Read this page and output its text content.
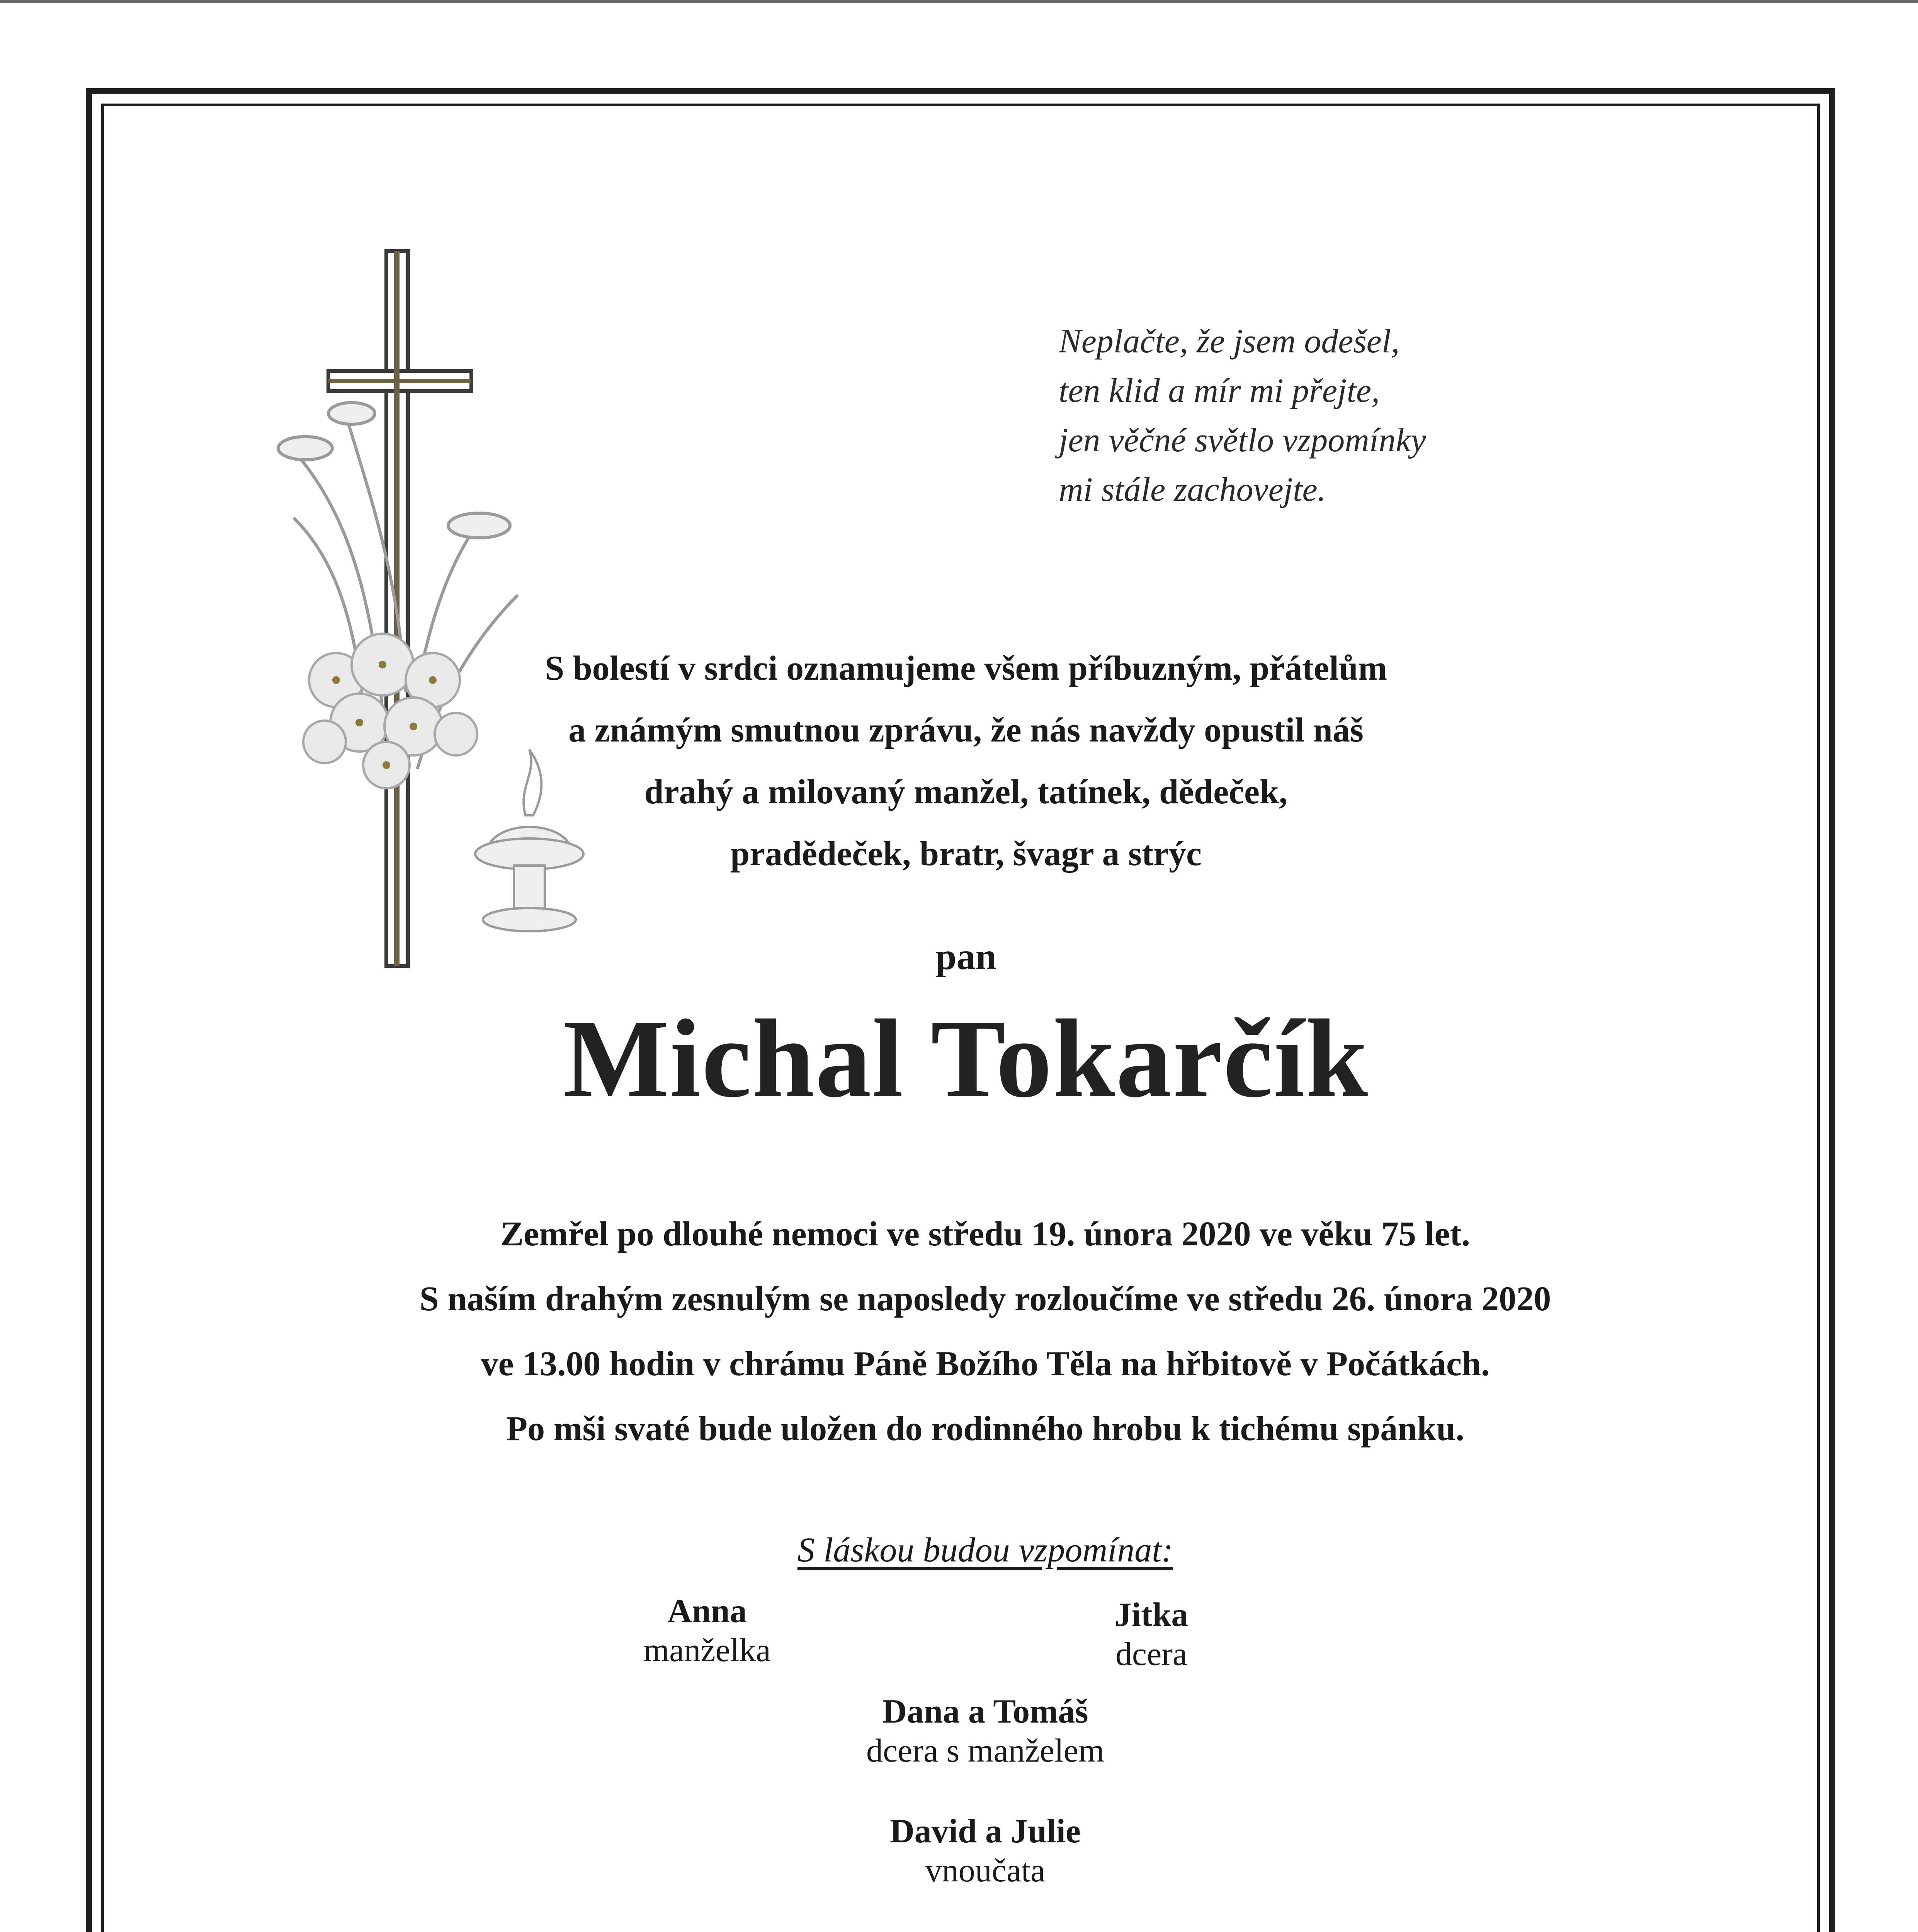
Neplačte, že jsem odešel,
ten klid a mír mi přejte,
jen věčné světlo vzpomínky
mi stále zachovejte.
S bolestí v srdci oznamujeme všem příbuzným, přátelům
a známým smutnou zprávu, že nás navždy opustil náš
drahý a milovaný manžel, tatínek, dědeček,
pradědeček, bratr, švagr a strýc
pan
Michal Tokarčík
Zemřel po dlouhé nemoci ve středu 19. února 2020 ve věku 75 let.
S naším drahým zesnulým se naposledy rozloučíme ve středu 26. února 2020
ve 13.00 hodin v chrámu Páně Božího Těla na hřbitově v Počátkách.
Po mši svaté bude uložen do rodinného hrobu k tichému spánku.
S láskou budou vzpomínat:
Anna
manželka
Jitka
dcera
Dana a Tomáš
dcera s manželem
David a Julie
vnoučata
